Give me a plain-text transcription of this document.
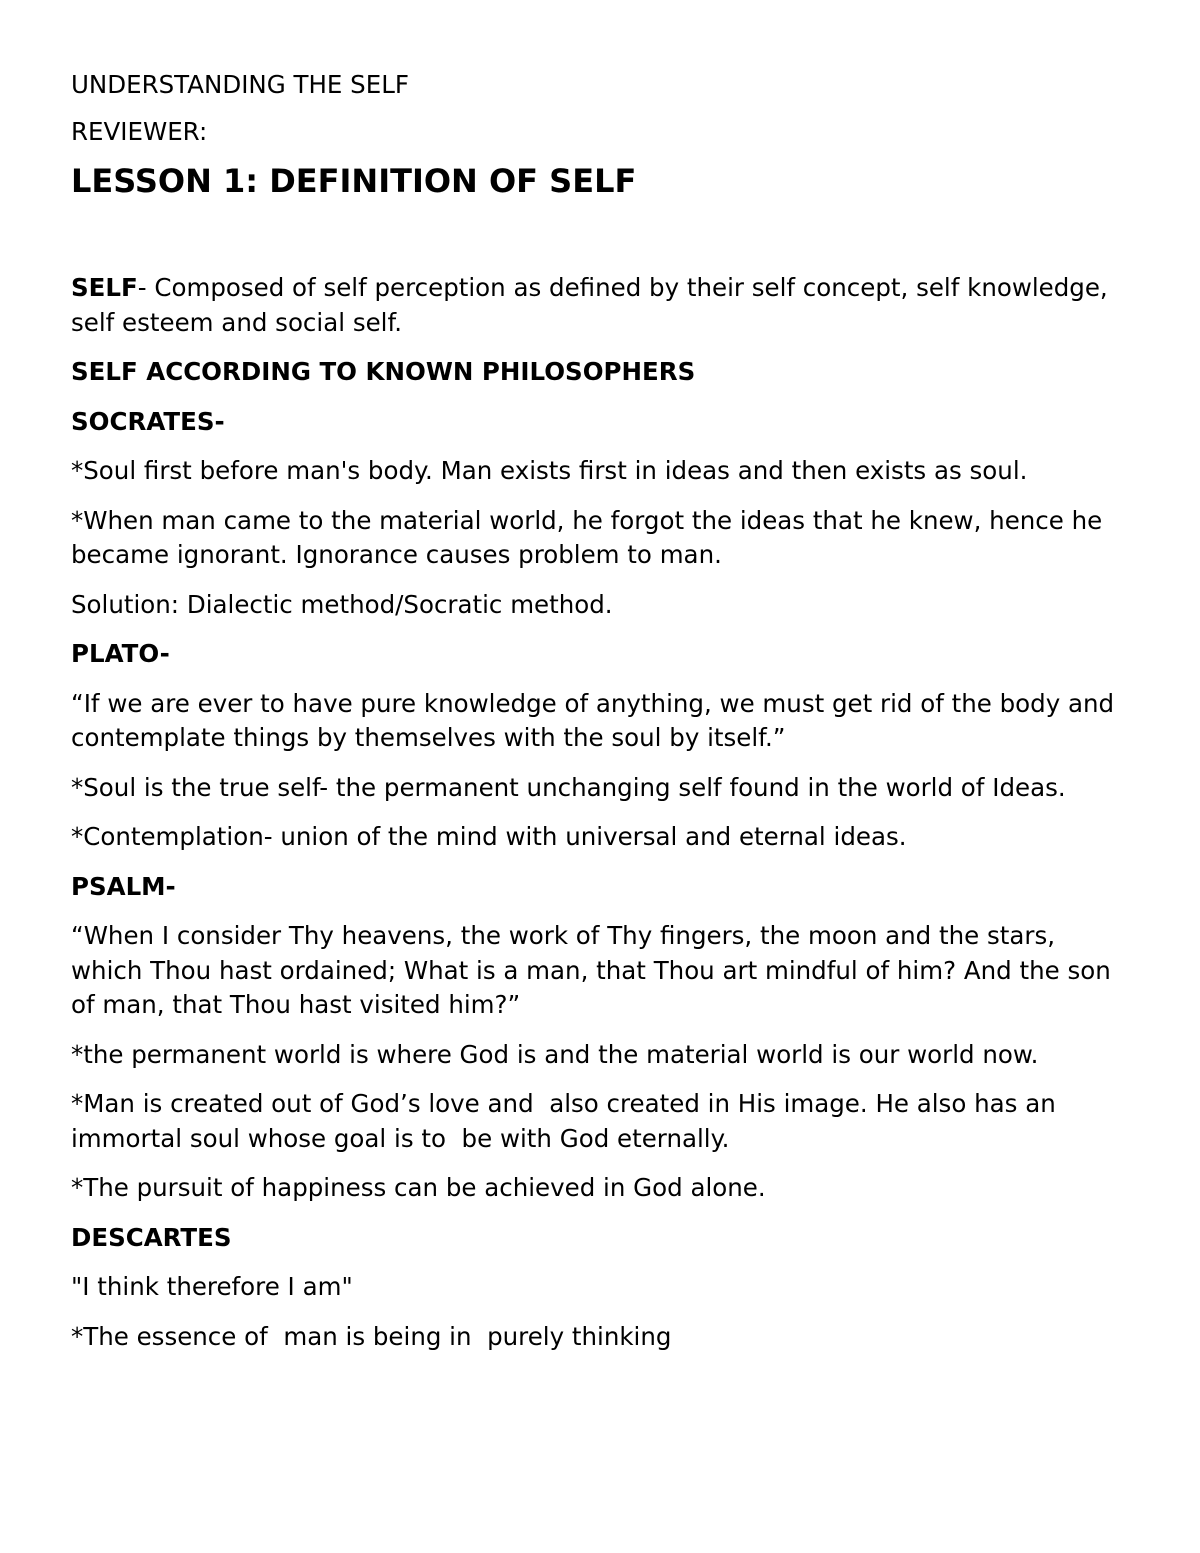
UNDERSTANDING THE SELF
REVIEWER:
LESSON 1: DEFINITION OF SELF
SELF- Composed of self perception as defined by their self concept, self knowledge, self esteem and social self.
SELF ACCORDING TO KNOWN PHILOSOPHERS
SOCRATES-
*Soul first before man's body. Man exists first in ideas and then exists as soul.
*When man came to the material world, he forgot the ideas that he knew, hence he became ignorant. Ignorance causes problem to man.
Solution: Dialectic method/Socratic method.
PLATO-
“If we are ever to have pure knowledge of anything, we must get rid of the body and contemplate things by themselves with the soul by itself.”
*Soul is the true self- the permanent unchanging self found in the world of Ideas.
*Contemplation- union of the mind with universal and eternal ideas.
PSALM-
“When I consider Thy heavens, the work of Thy fingers, the moon and the stars, which Thou hast ordained; What is a man, that Thou art mindful of him? And the son of man, that Thou hast visited him?”
*the permanent world is where God is and the material world is our world now.
*Man is created out of God’s love and  also created in His image. He also has an immortal soul whose goal is to  be with God eternally.
*The pursuit of happiness can be achieved in God alone.
DESCARTES
"I think therefore I am"
*The essence of  man is being in  purely thinking
